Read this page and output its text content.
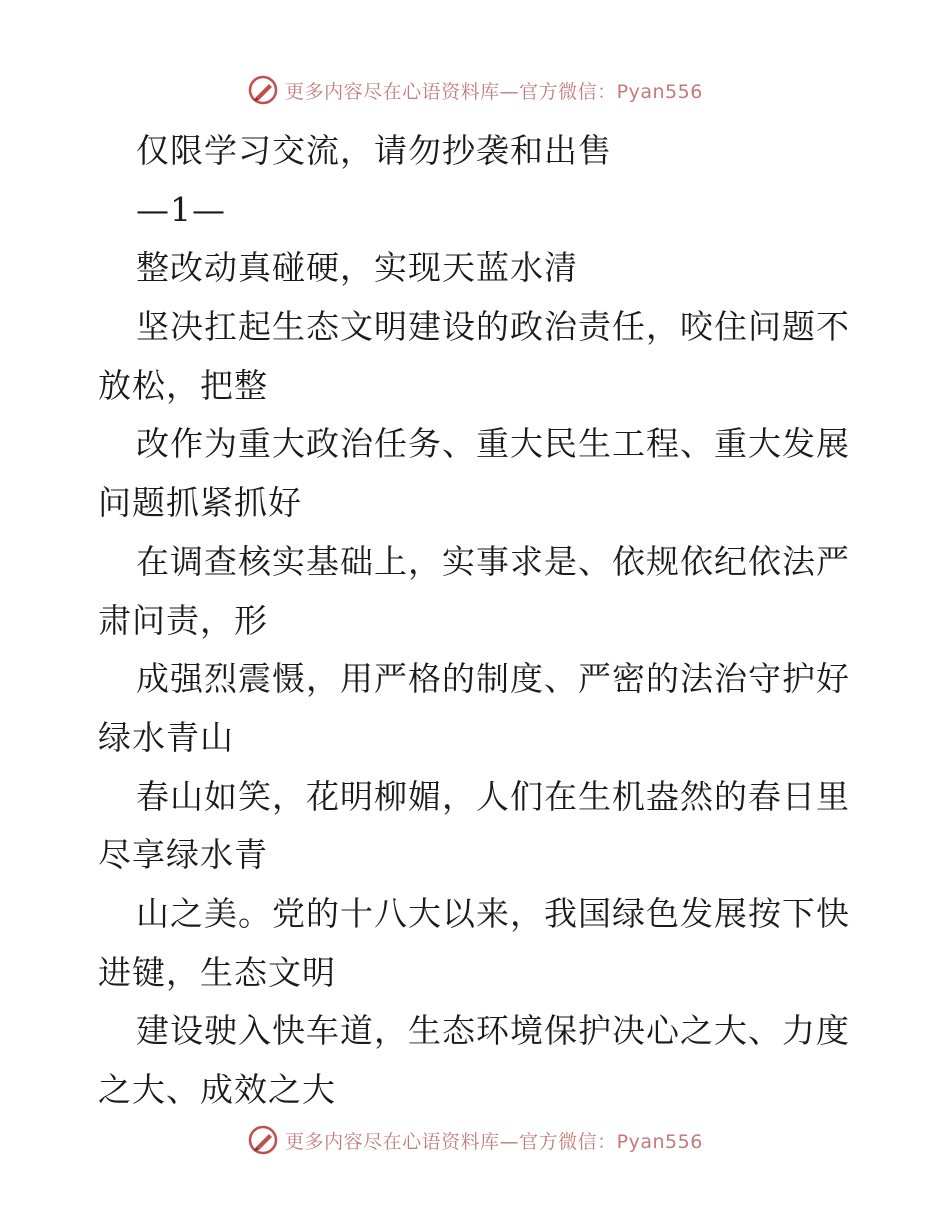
更多内容尽在心语资料库—官方微信：Pyan556
仅限学习交流，请勿抄袭和出售
—1—
整改动真碰硬，实现天蓝水清
坚决扛起生态文明建设的政治责任，咬住问题不
放松，把整
改作为重大政治任务、重大民生工程、重大发展
问题抓紧抓好
在调查核实基础上，实事求是、依规依纪依法严
肃问责，形
成强烈震慑，用严格的制度、严密的法治守护好
绿水青山
春山如笑，花明柳媚，人们在生机盎然的春日里
尽享绿水青
山之美。党的十八大以来，我国绿色发展按下快
进键，生态文明
建设驶入快车道，生态环境保护决心之大、力度
之大、成效之大
更多内容尽在心语资料库—官方微信：Pyan556
